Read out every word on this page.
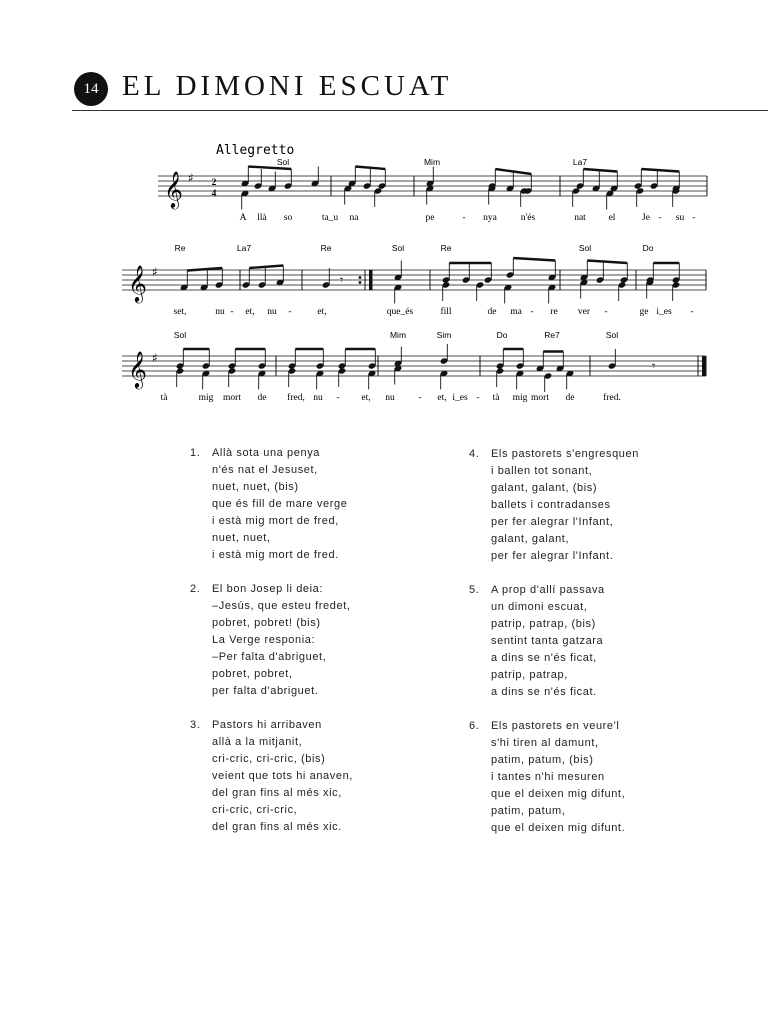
14 EL DIMONI ESCUAT
Allegretto
𝄞 ♯ 2
4
Sol	Mim	La7
A llà so	ta_u na	pe	- nya	n'és	nat el	Je - su -
𝄞 ♯
𝄾
Re	La7	Re	Sol	Re	Sol	Do
set,	nu - et, nu -	et,	que_és	fill	de ma - re ver -	ge i_es -
𝄞 ♯
𝄾
Sol	Mim	Sim	Do	Re7	Sol
tà	mig mort de fred, nu - et, nu - et, i_es - tà mig mort de	fred.
1. Allà sota una penya
n'és nat el Jesuset,
nuet, nuet, (bis)
que és fill de mare verge
i està mig mort de fred,
nuet, nuet,
i està mig mort de fred.
2. El bon Josep li deia:
–Jesús, que esteu fredet,
pobret, pobret! (bis)
La Verge responia:
–Per falta d'abriguet,
pobret, pobret,
per falta d'abriguet.
3. Pastors hi arribaven
allà a la mitjanit,
cri-cric, cri-cric, (bis)
veient que tots hi anaven,
del gran fins al més xic,
cri-cric, cri-cric,
del gran fins al més xic.
4. Els pastorets s'engresquen
i ballen tot sonant,
galant, galant, (bis)
ballets i contradanses
per fer alegrar l'Infant,
galant, galant,
per fer alegrar l'Infant.
5. A prop d'allí passava
un dimoni escuat,
patrip, patrap, (bis)
sentint tanta gatzara
a dins se n'és ficat,
patrip, patrap,
a dins se n'és ficat.
6. Els pastorets en veure'l
s'hi tiren al damunt,
patim, patum, (bis)
i tantes n'hi mesuren
que el deixen mig difunt,
patim, patum,
que el deixen mig difunt.
